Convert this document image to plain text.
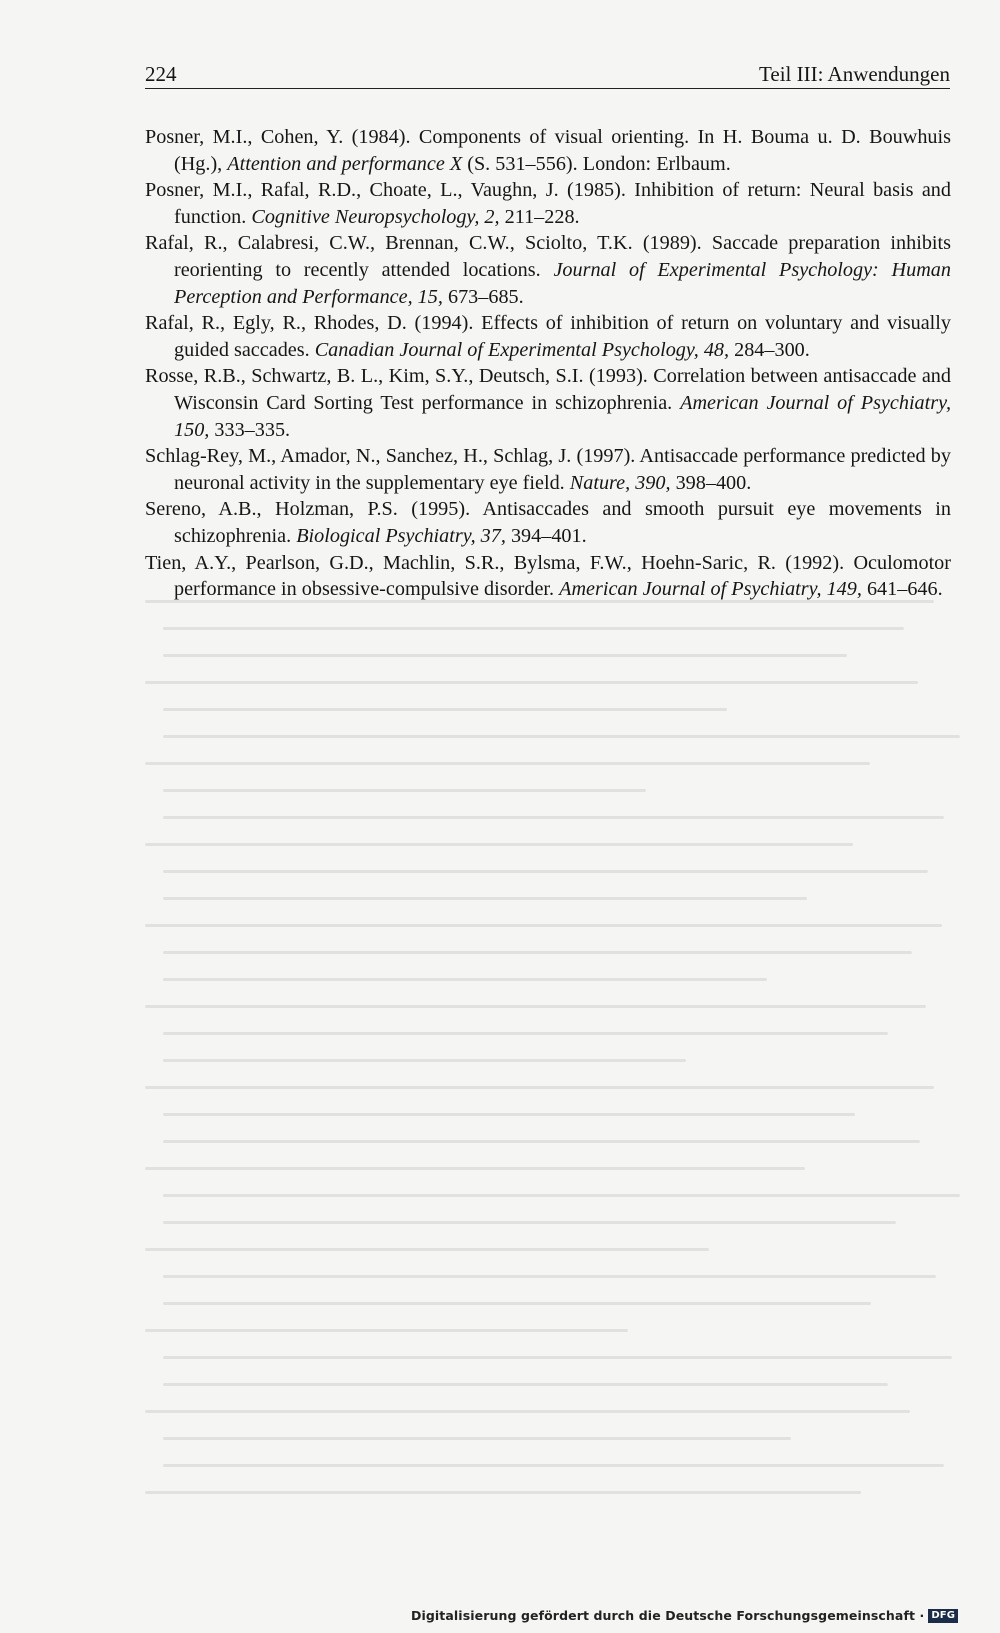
224	Teil III: Anwendungen

Posner, M.I., Cohen, Y. (1984). Components of visual orienting. In H. Bouma u. D. Bouwhuis (Hg.), Attention and performance X (S. 531–556). London: Erlbaum.

Posner, M.I., Rafal, R.D., Choate, L., Vaughn, J. (1985). Inhibition of return: Neural basis and function. Cognitive Neuropsychology, 2, 211–228.

Rafal, R., Calabresi, C.W., Brennan, C.W., Sciolto, T.K. (1989). Saccade preparation inhibits reorienting to recently attended locations. Journal of Experimental Psychology: Human Perception and Performance, 15, 673–685.

Rafal, R., Egly, R., Rhodes, D. (1994). Effects of inhibition of return on voluntary and visually guided saccades. Canadian Journal of Experimental Psychology, 48, 284–300.

Rosse, R.B., Schwartz, B. L., Kim, S.Y., Deutsch, S.I. (1993). Correlation between antisaccade and Wisconsin Card Sorting Test performance in schizophrenia. American Journal of Psychiatry, 150, 333–335.

Schlag-Rey, M., Amador, N., Sanchez, H., Schlag, J. (1997). Antisaccade performance predicted by neuronal activity in the supplementary eye field. Nature, 390, 398–400.

Sereno, A.B., Holzman, P.S. (1995). Antisaccades and smooth pursuit eye movements in schizophrenia. Biological Psychiatry, 37, 394–401.

Tien, A.Y., Pearlson, G.D., Machlin, S.R., Bylsma, F.W., Hoehn-Saric, R. (1992). Oculomotor performance in obsessive-compulsive disorder. American Journal of Psychiatry, 149, 641–646.

Digitalisierung gefördert durch die Deutsche Forschungsgemeinschaft · DFG
